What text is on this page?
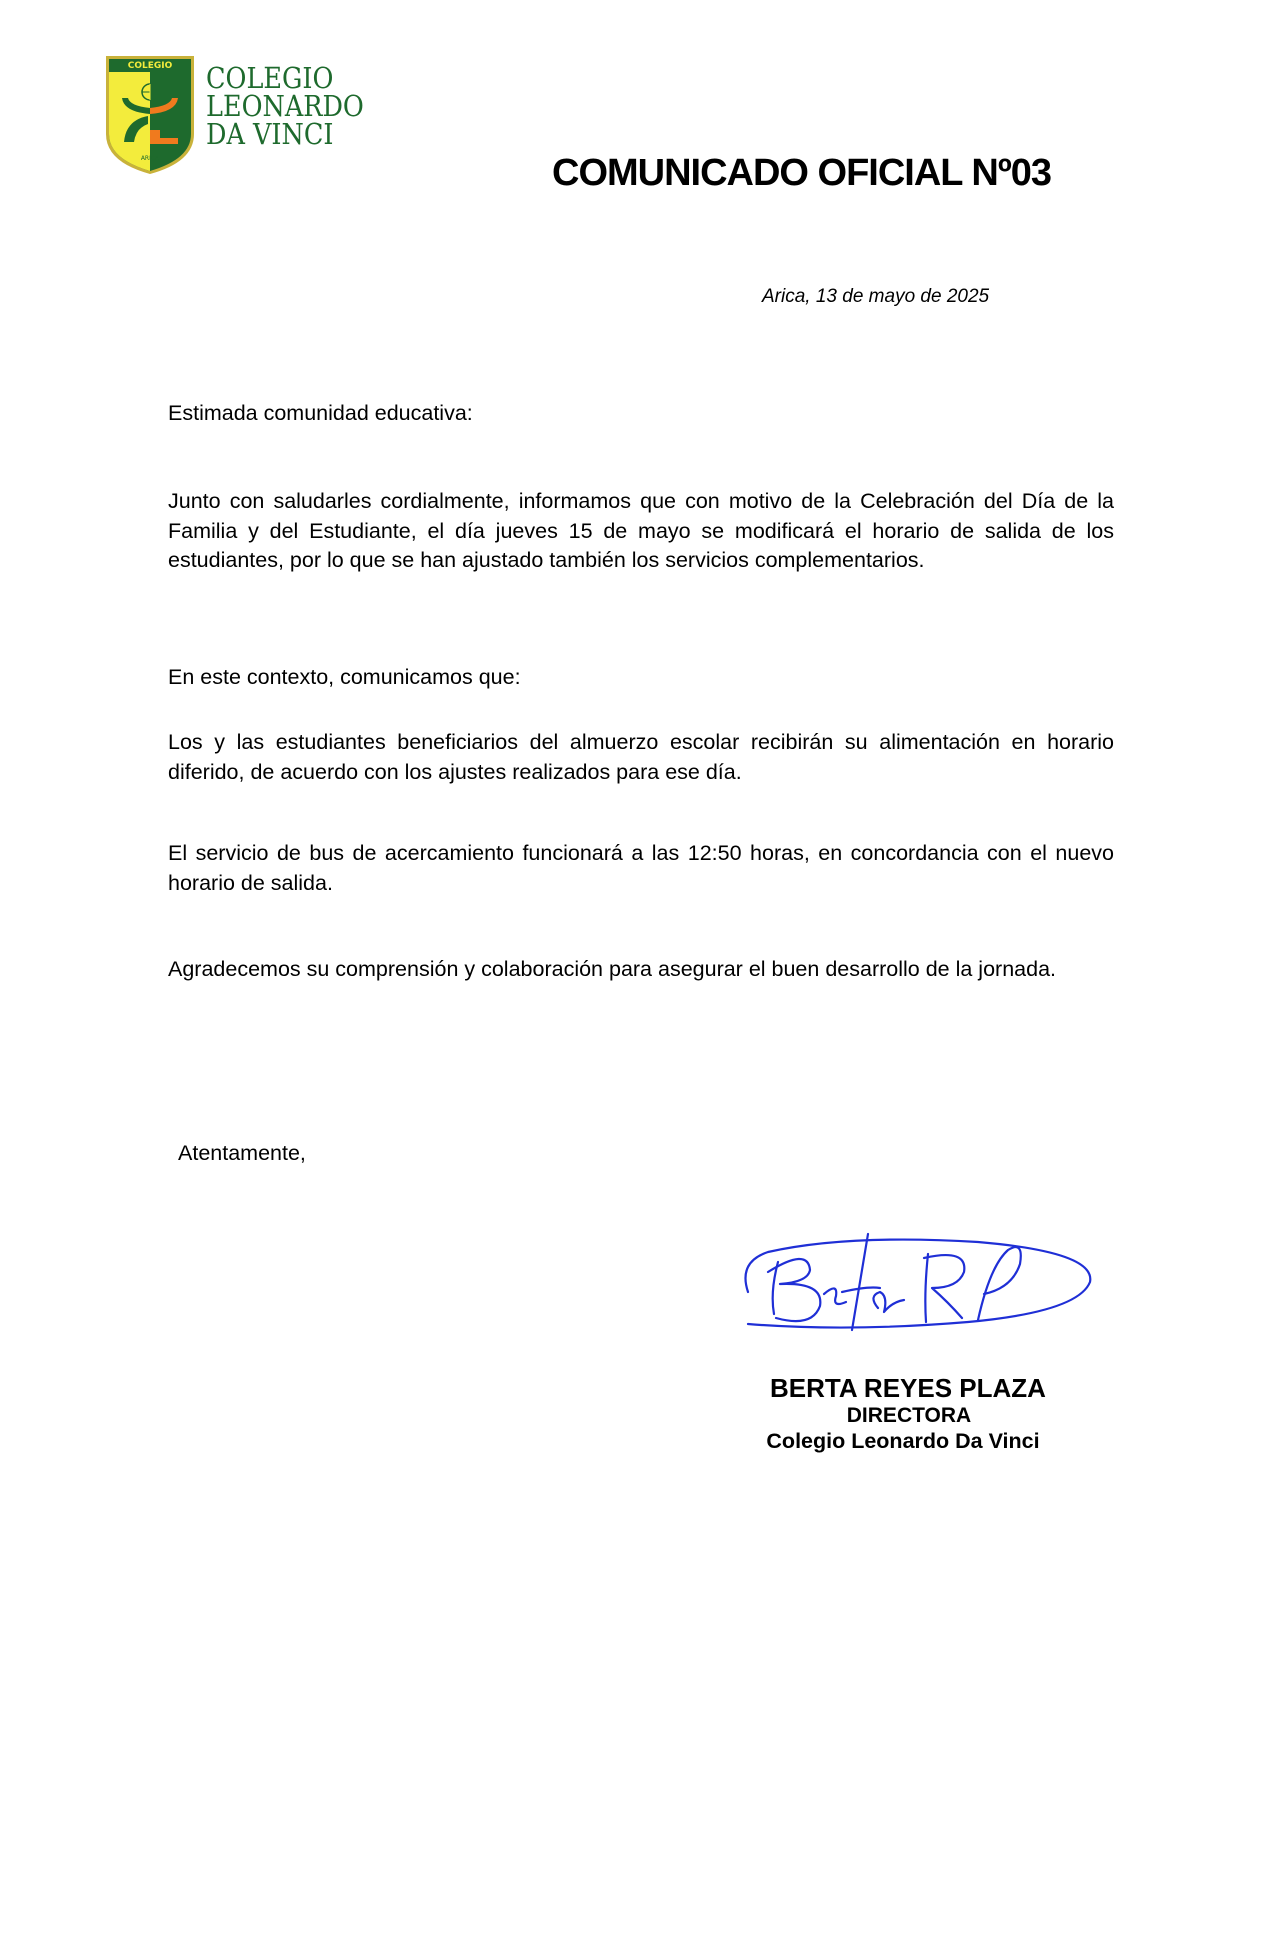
COLEGIO
ARICA
COLEGIO
LEONARDO
DA VINCI
COMUNICADO OFICIAL Nº03
Arica, 13 de mayo de 2025
Estimada comunidad educativa:
Junto con saludarles cordialmente, informamos que con motivo de la Celebración del Día de la Familia y del Estudiante, el día jueves 15 de mayo se modificará el horario de salida de los estudiantes, por lo que se han ajustado también los servicios complementarios.
En este contexto, comunicamos que:
Los y las estudiantes beneficiarios del almuerzo escolar recibirán su alimentación en horario diferido, de acuerdo con los ajustes realizados para ese día.
El servicio de bus de acercamiento funcionará a las 12:50 horas, en concordancia con el nuevo horario de salida.
Agradecemos su comprensión y colaboración para asegurar el buen desarrollo de la jornada.
Atentamente,
BERTA REYES PLAZA
DIRECTORA
Colegio Leonardo Da Vinci
